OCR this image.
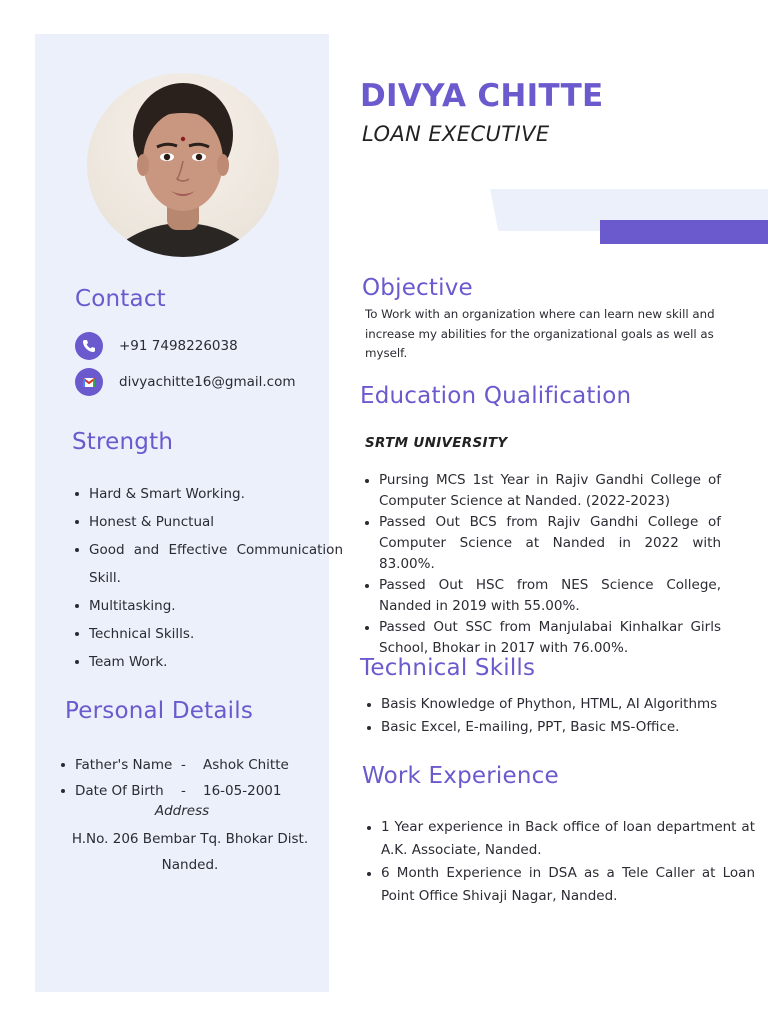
Contact
+91 7498226038
divyachitte16@gmail.com
Strength
Hard & Smart Working.
Honest & Punctual
Good and Effective Communication
Skill.
Multitasking.
Technical Skills.
Team Work.
Personal Details
Father's Name -	Ashok Chitte
Date Of Birth	-	16-05-2001
Address
H.No. 206 Bembar Tq. Bhokar Dist.
Nanded.
DIVYA CHITTE
LOAN EXECUTIVE
Objective
To Work with an organization where can learn new skill and increase my abilities for the organizational goals as well as myself.
Education Qualification
SRTM UNIVERSITY
Pursing MCS 1st Year in Rajiv Gandhi College of Computer Science at Nanded. (2022-2023)
Passed Out BCS from Rajiv Gandhi College of Computer Science at Nanded in 2022 with 83.00%.
Passed Out HSC from NES Science College, Nanded in 2019 with 55.00%.
Passed Out SSC from Manjulabai Kinhalkar Girls School, Bhokar in 2017 with 76.00%.
Technical Skills
Basis Knowledge of Phython, HTML, AI Algorithms
Basic Excel, E-mailing, PPT, Basic MS-Office.
Work Experience
1 Year experience in Back office of loan department at A.K. Associate, Nanded.
6 Month Experience in DSA as a Tele Caller at Loan Point Office Shivaji Nagar, Nanded.
